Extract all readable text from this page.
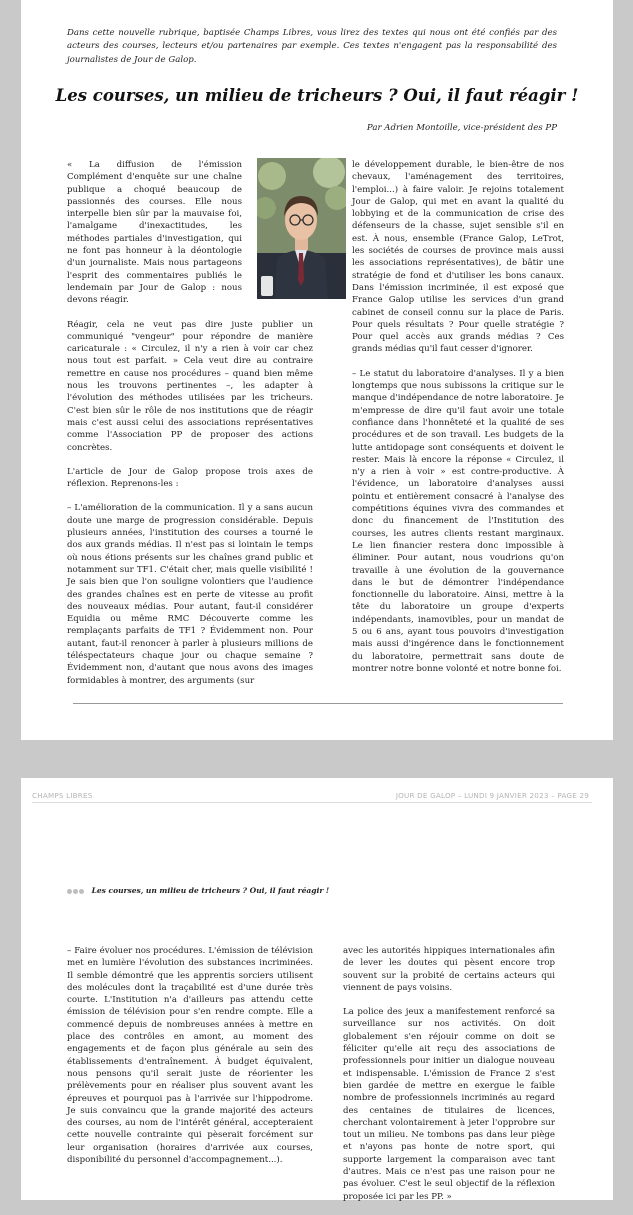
Dans cette nouvelle rubrique, baptisée Champs Libres, vous lirez des textes qui nous ont été confiés par des acteurs des courses, lecteurs et/ou partenaires par exemple. Ces textes n'engagent pas la responsabilité des journalistes de Jour de Galop.
Les courses, un milieu de tricheurs ? Oui, il faut réagir !
Par Adrien Montoille, vice-président des PP

« La diffusion de l'émission Complément d'enquête sur une chaîne publique a choqué beaucoup de passionnés des courses. Elle nous interpelle bien sûr par la mauvaise foi, l'amalgame d'inexactitudes, les méthodes partiales d'investigation, qui ne font pas honneur à la déontologie d'un journaliste. Mais nous partageons l'esprit des commentaires publiés le lendemain par Jour de Galop : nous devons réagir.

Réagir, cela ne veut pas dire juste publier un communiqué "vengeur" pour répondre de manière caricaturale : « Circulez, il n'y a rien à voir car chez nous tout est parfait. » Cela veut dire au contraire remettre en cause nos procédures – quand bien même nous les trouvons pertinentes –, les adapter à l'évolution des méthodes utilisées par les tricheurs. C'est bien sûr le rôle de nos institutions que de réagir mais c'est aussi celui des associations représentatives comme l'Association PP de proposer des actions concrètes.

L'article de Jour de Galop propose trois axes de réflexion. Reprenons-les :

– L'amélioration de la communication. Il y a sans aucun doute une marge de progression considérable. Depuis plusieurs années, l'institution des courses a tourné le dos aux grands médias. Il n'est pas si lointain le temps où nous étions présents sur les chaînes grand public et notamment sur TF1. C'était cher, mais quelle visibilité ! Je sais bien que l'on souligne volontiers que l'audience des grandes chaînes est en perte de vitesse au profit des nouveaux médias. Pour autant, faut-il considérer Equidia ou même RMC Découverte comme les remplaçants parfaits de TF1 ? Évidemment non. Pour autant, faut-il renoncer à parler à plusieurs millions de téléspectateurs chaque jour ou chaque semaine ? Évidemment non, d'autant que nous avons des images formidables à montrer, des arguments (sur

le développement durable, le bien-être de nos chevaux, l'aménagement des territoires, l'emploi...) à faire valoir. Je rejoins totalement Jour de Galop, qui met en avant la qualité du lobbying et de la communication de crise des défenseurs de la chasse, sujet sensible s'il en est. À nous, ensemble (France Galop, LeTrot, les sociétés de courses de province mais aussi les associations représentatives), de bâtir une stratégie de fond et d'utiliser les bons canaux. Dans l'émission incriminée, il est exposé que France Galop utilise les services d'un grand cabinet de conseil connu sur la place de Paris. Pour quels résultats ? Pour quelle stratégie ? Pour quel accès aux grands médias ? Ces grands médias qu'il faut cesser d'ignorer.

– Le statut du laboratoire d'analyses. Il y a bien longtemps que nous subissons la critique sur le manque d'indépendance de notre laboratoire. Je m'empresse de dire qu'il faut avoir une totale confiance dans l'honnêteté et la qualité de ses procédures et de son travail. Les budgets de la lutte antidopage sont conséquents et doivent le rester. Mais là encore la réponse « Circulez, il n'y a rien à voir » est contre-productive. À l'évidence, un laboratoire d'analyses aussi pointu et entièrement consacré à l'analyse des compétitions équines vivra des commandes et donc du financement de l'Institution des courses, les autres clients restant marginaux. Le lien financier restera donc impossible à éliminer. Pour autant, nous voudrions qu'on travaille à une évolution de la gouvernance dans le but de démontrer l'indépendance fonctionnelle du laboratoire. Ainsi, mettre à la tête du laboratoire un groupe d'experts indépendants, inamovibles, pour un mandat de 5 ou 6 ans, ayant tous pouvoirs d'investigation mais aussi d'ingérence dans le fonctionnement du laboratoire, permettrait sans doute de montrer notre bonne volonté et notre bonne foi.

CHAMPS LIBRES	JOUR DE GALOP – LUNDI 9 JANVIER 2023 – PAGE 29
Les courses, un milieu de tricheurs ? Oui, il faut réagir !

– Faire évoluer nos procédures. L'émission de télévision met en lumière l'évolution des substances incriminées. Il semble démontré que les apprentis sorciers utilisent des molécules dont la traçabilité est d'une durée très courte. L'Institution n'a d'ailleurs pas attendu cette émission de télévision pour s'en rendre compte. Elle a commencé depuis de nombreuses années à mettre en place des contrôles en amont, au moment des engagements et de façon plus générale au sein des établissements d'entraînement. À budget équivalent, nous pensons qu'il serait juste de réorienter les prélèvements pour en réaliser plus souvent avant les épreuves et pourquoi pas à l'arrivée sur l'hippodrome. Je suis convaincu que la grande majorité des acteurs des courses, au nom de l'intérêt général, accepteraient cette nouvelle contrainte qui pèserait forcément sur leur organisation (horaires d'arrivée aux courses, disponibilité du personnel d'accompagnement...).

avec les autorités hippiques internationales afin de lever les doutes qui pèsent encore trop souvent sur la probité de certains acteurs qui viennent de pays voisins.

La police des jeux a manifestement renforcé sa surveillance sur nos activités. On doit globalement s'en réjouir comme on doit se féliciter qu'elle ait reçu des associations de professionnels pour initier un dialogue nouveau et indispensable. L'émission de France 2 s'est bien gardée de mettre en exergue le faible nombre de professionnels incriminés au regard des centaines de titulaires de licences, cherchant volontairement à jeter l'opprobre sur tout un milieu. Ne tombons pas dans leur piège et n'ayons pas honte de notre sport, qui supporte largement la comparaison avec tant d'autres. Mais ce n'est pas une raison pour ne pas évoluer. C'est le seul objectif de la réflexion proposée ici par les PP. »
